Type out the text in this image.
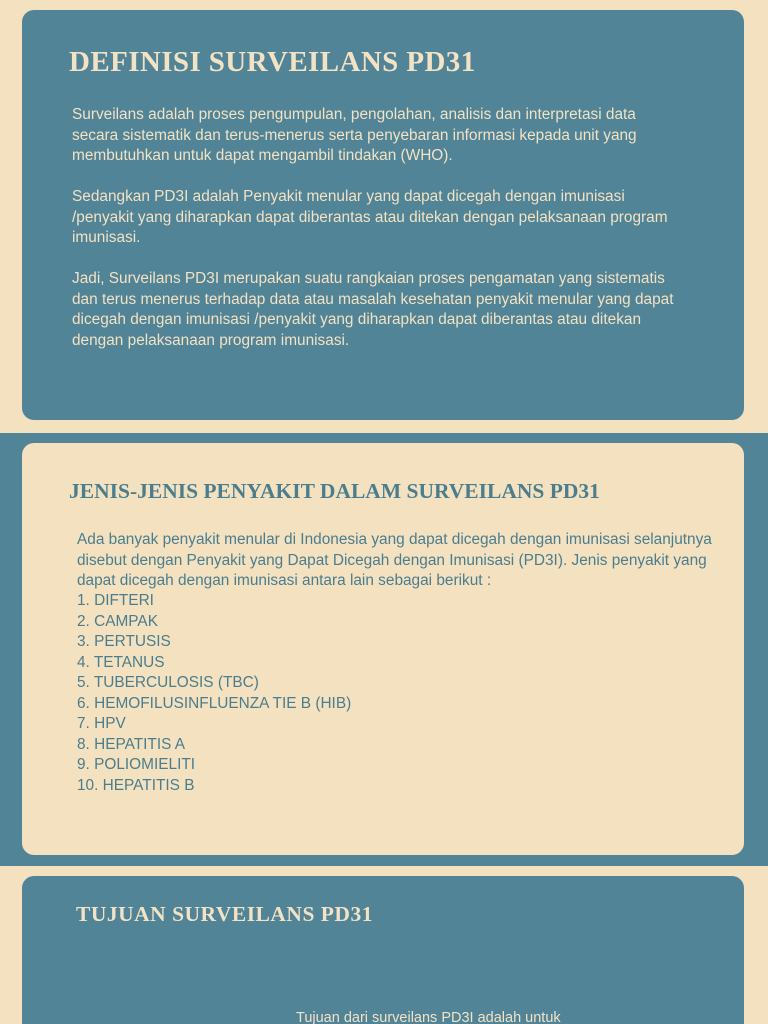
DEFINISI SURVEILANS PD31

Surveilans adalah proses pengumpulan, pengolahan, analisis dan interpretasi data secara sistematik dan terus-menerus serta penyebaran informasi kepada unit yang membutuhkan untuk dapat mengambil tindakan (WHO).

Sedangkan PD3I adalah Penyakit menular yang dapat dicegah dengan imunisasi /penyakit yang diharapkan dapat diberantas atau ditekan dengan pelaksanaan program imunisasi.

Jadi, Surveilans PD3I merupakan suatu rangkaian proses pengamatan yang sistematis dan terus menerus terhadap data atau masalah kesehatan penyakit menular yang dapat dicegah dengan imunisasi /penyakit yang diharapkan dapat diberantas atau ditekan dengan pelaksanaan program imunisasi.

JENIS-JENIS PENYAKIT DALAM SURVEILANS PD31

Ada banyak penyakit menular di Indonesia yang dapat dicegah dengan imunisasi selanjutnya disebut dengan Penyakit yang Dapat Dicegah dengan Imunisasi (PD3I). Jenis penyakit yang dapat dicegah dengan imunisasi antara lain sebagai berikut :

1. DIFTERI
2. CAMPAK
3. PERTUSIS
4. TETANUS
5. TUBERCULOSIS (TBC)
6. HEMOFILUSINFLUENZA TIE B (HIB)
7. HPV
8. HEPATITIS A
9. POLIOMIELITI
10. HEPATITIS B
TUJUAN SURVEILANS PD31

Tujuan dari surveilans PD3I adalah untuk
